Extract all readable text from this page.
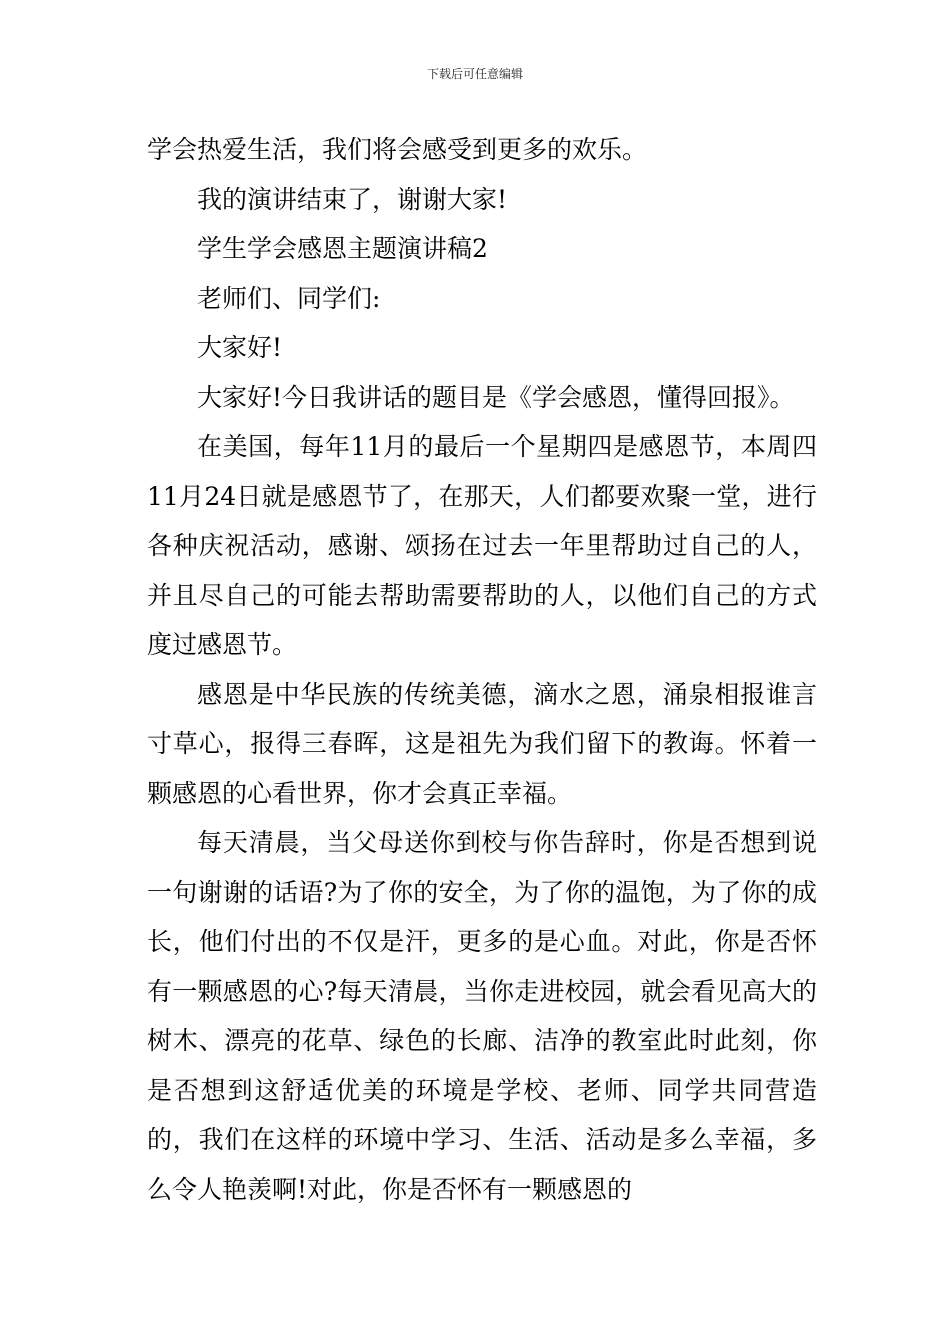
下载后可任意编辑

学会热爱生活，我们将会感受到更多的欢乐。

我的演讲结束了，谢谢大家!

学生学会感恩主题演讲稿2

老师们、同学们:

大家好!

大家好!今日我讲话的题目是《学会感恩，懂得回报》。

在美国，每年11月的最后一个星期四是感恩节，本周四11月24日就是感恩节了，在那天，人们都要欢聚一堂，进行各种庆祝活动，感谢、颂扬在过去一年里帮助过自己的人，并且尽自己的可能去帮助需要帮助的人，以他们自己的方式度过感恩节。

感恩是中华民族的传统美德，滴水之恩，涌泉相报谁言寸草心，报得三春晖，这是祖先为我们留下的教诲。怀着一颗感恩的心看世界，你才会真正幸福。

每天清晨，当父母送你到校与你告辞时，你是否想到说一句谢谢的话语?为了你的安全，为了你的温饱，为了你的成长，他们付出的不仅是汗，更多的是心血。对此，你是否怀有一颗感恩的心?每天清晨，当你走进校园，就会看见高大的树木、漂亮的花草、绿色的长廊、洁净的教室此时此刻，你是否想到这舒适优美的环境是学校、老师、同学共同营造的，我们在这样的环境中学习、生活、活动是多么幸福，多么令人艳羡啊!对此，你是否怀有一颗感恩的
